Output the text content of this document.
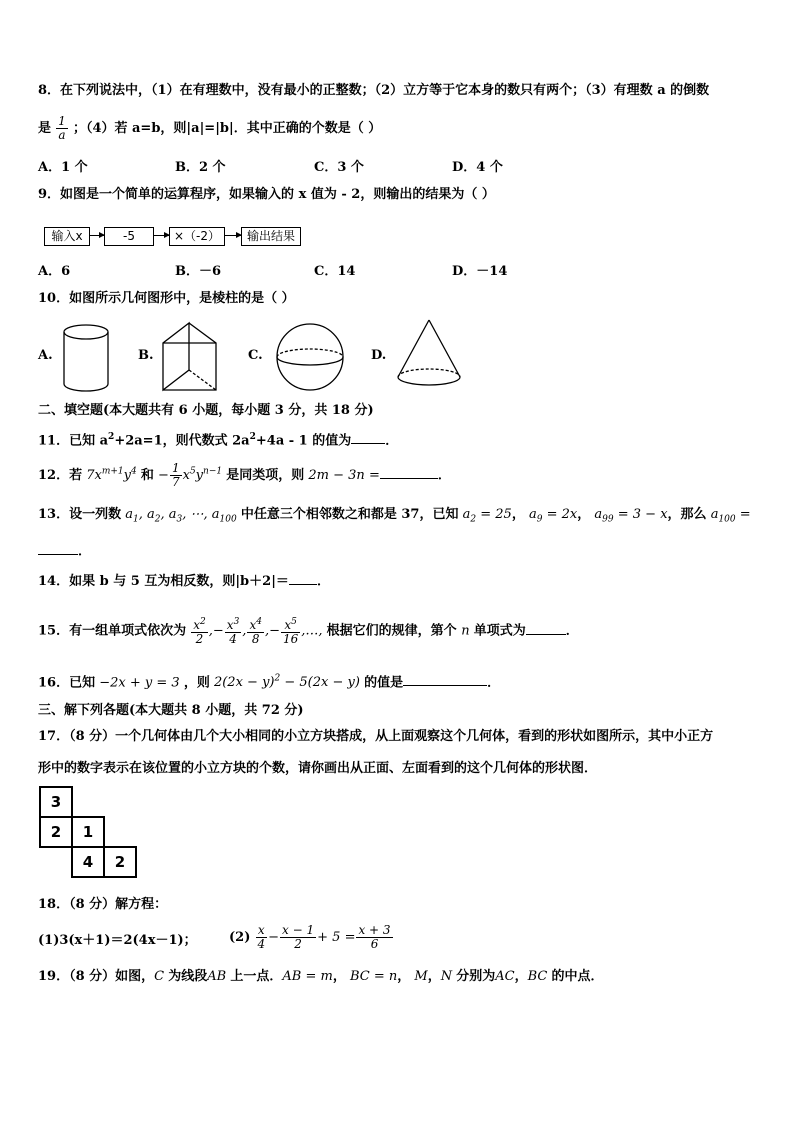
8．在下列说法中，（1）在有理数中，没有最小的正整数；（2）立方等于它本身的数只有两个；（3）有理数 a 的倒数
是 $\frac{1}{a}$ ；（4）若 a=b，则|a|=|b|．其中正确的个数是（ ）
A．1 个	B．2 个	C．3 个	D．4 个
9．如图是一个简单的运算程序，如果输入的 x 值为 - 2，则输出的结果为（ ）
输入x	-5	×（-2）	输出结果
A．6	B．－6	C．14	D．－14
10．如图所示几何图形中，是棱柱的是（ ）
A.	B.	C.	D.
二、填空题(本大题共有 6 小题，每小题 3 分，共 18 分)
11．已知 $a^2+2a=1$，则代数式 $2a^2+4a - 1$ 的值为	．
12．若 $7x^{m+1}y^4$ 和 − $\frac{1}{7} x^5y^{n-1}$ 是同类项，则 2m − 3n =	．
13．设一列数 $a_1$, $a_2$, $a_3$, ⋯, $a_{100}$ 中任意三个相邻数之和都是 37，已知 $a_2 = 25$， $a_9 = 2x$， $a_{99} = 3 - x$，那么 $a_{100}$ =
．
14．如果 b 与 5 互为相反数，则|b＋2|＝ ．
15．有一组单项式依次为 $\frac{x^2}{2}$ ,− $\frac{x^3}{4}$ , $\frac{x^4}{8}$ ,− $\frac{x^5}{16}$ ,…, 根据它们的规律，第个 n 单项式为	．
16．已知 −2x + y = 3 ，则 $2(2x - y)^2 - 5(2x - y)$ 的值是	．
三、解下列各题(本大题共 8 小题，共 72 分)
17．（8 分）一个几何体由几个大小相同的小立方块搭成，从上面观察这个几何体，看到的形状如图所示，其中小正方
形中的数字表示在该位置的小立方块的个数，请你画出从正面、左面看到的这个几何体的形状图．
3		
2	1	
	4	2
18．（8 分）解方程：
(1)3(x＋1)＝2(4x－1)； $(2) \frac{x}{4} - \frac{x - 1}{2} + 5 = \frac{x + 3}{6}$
19．（8 分）如图，C 为线段AB 上一点．AB = m， BC = n， M，N 分别为AC，BC 的中点．
